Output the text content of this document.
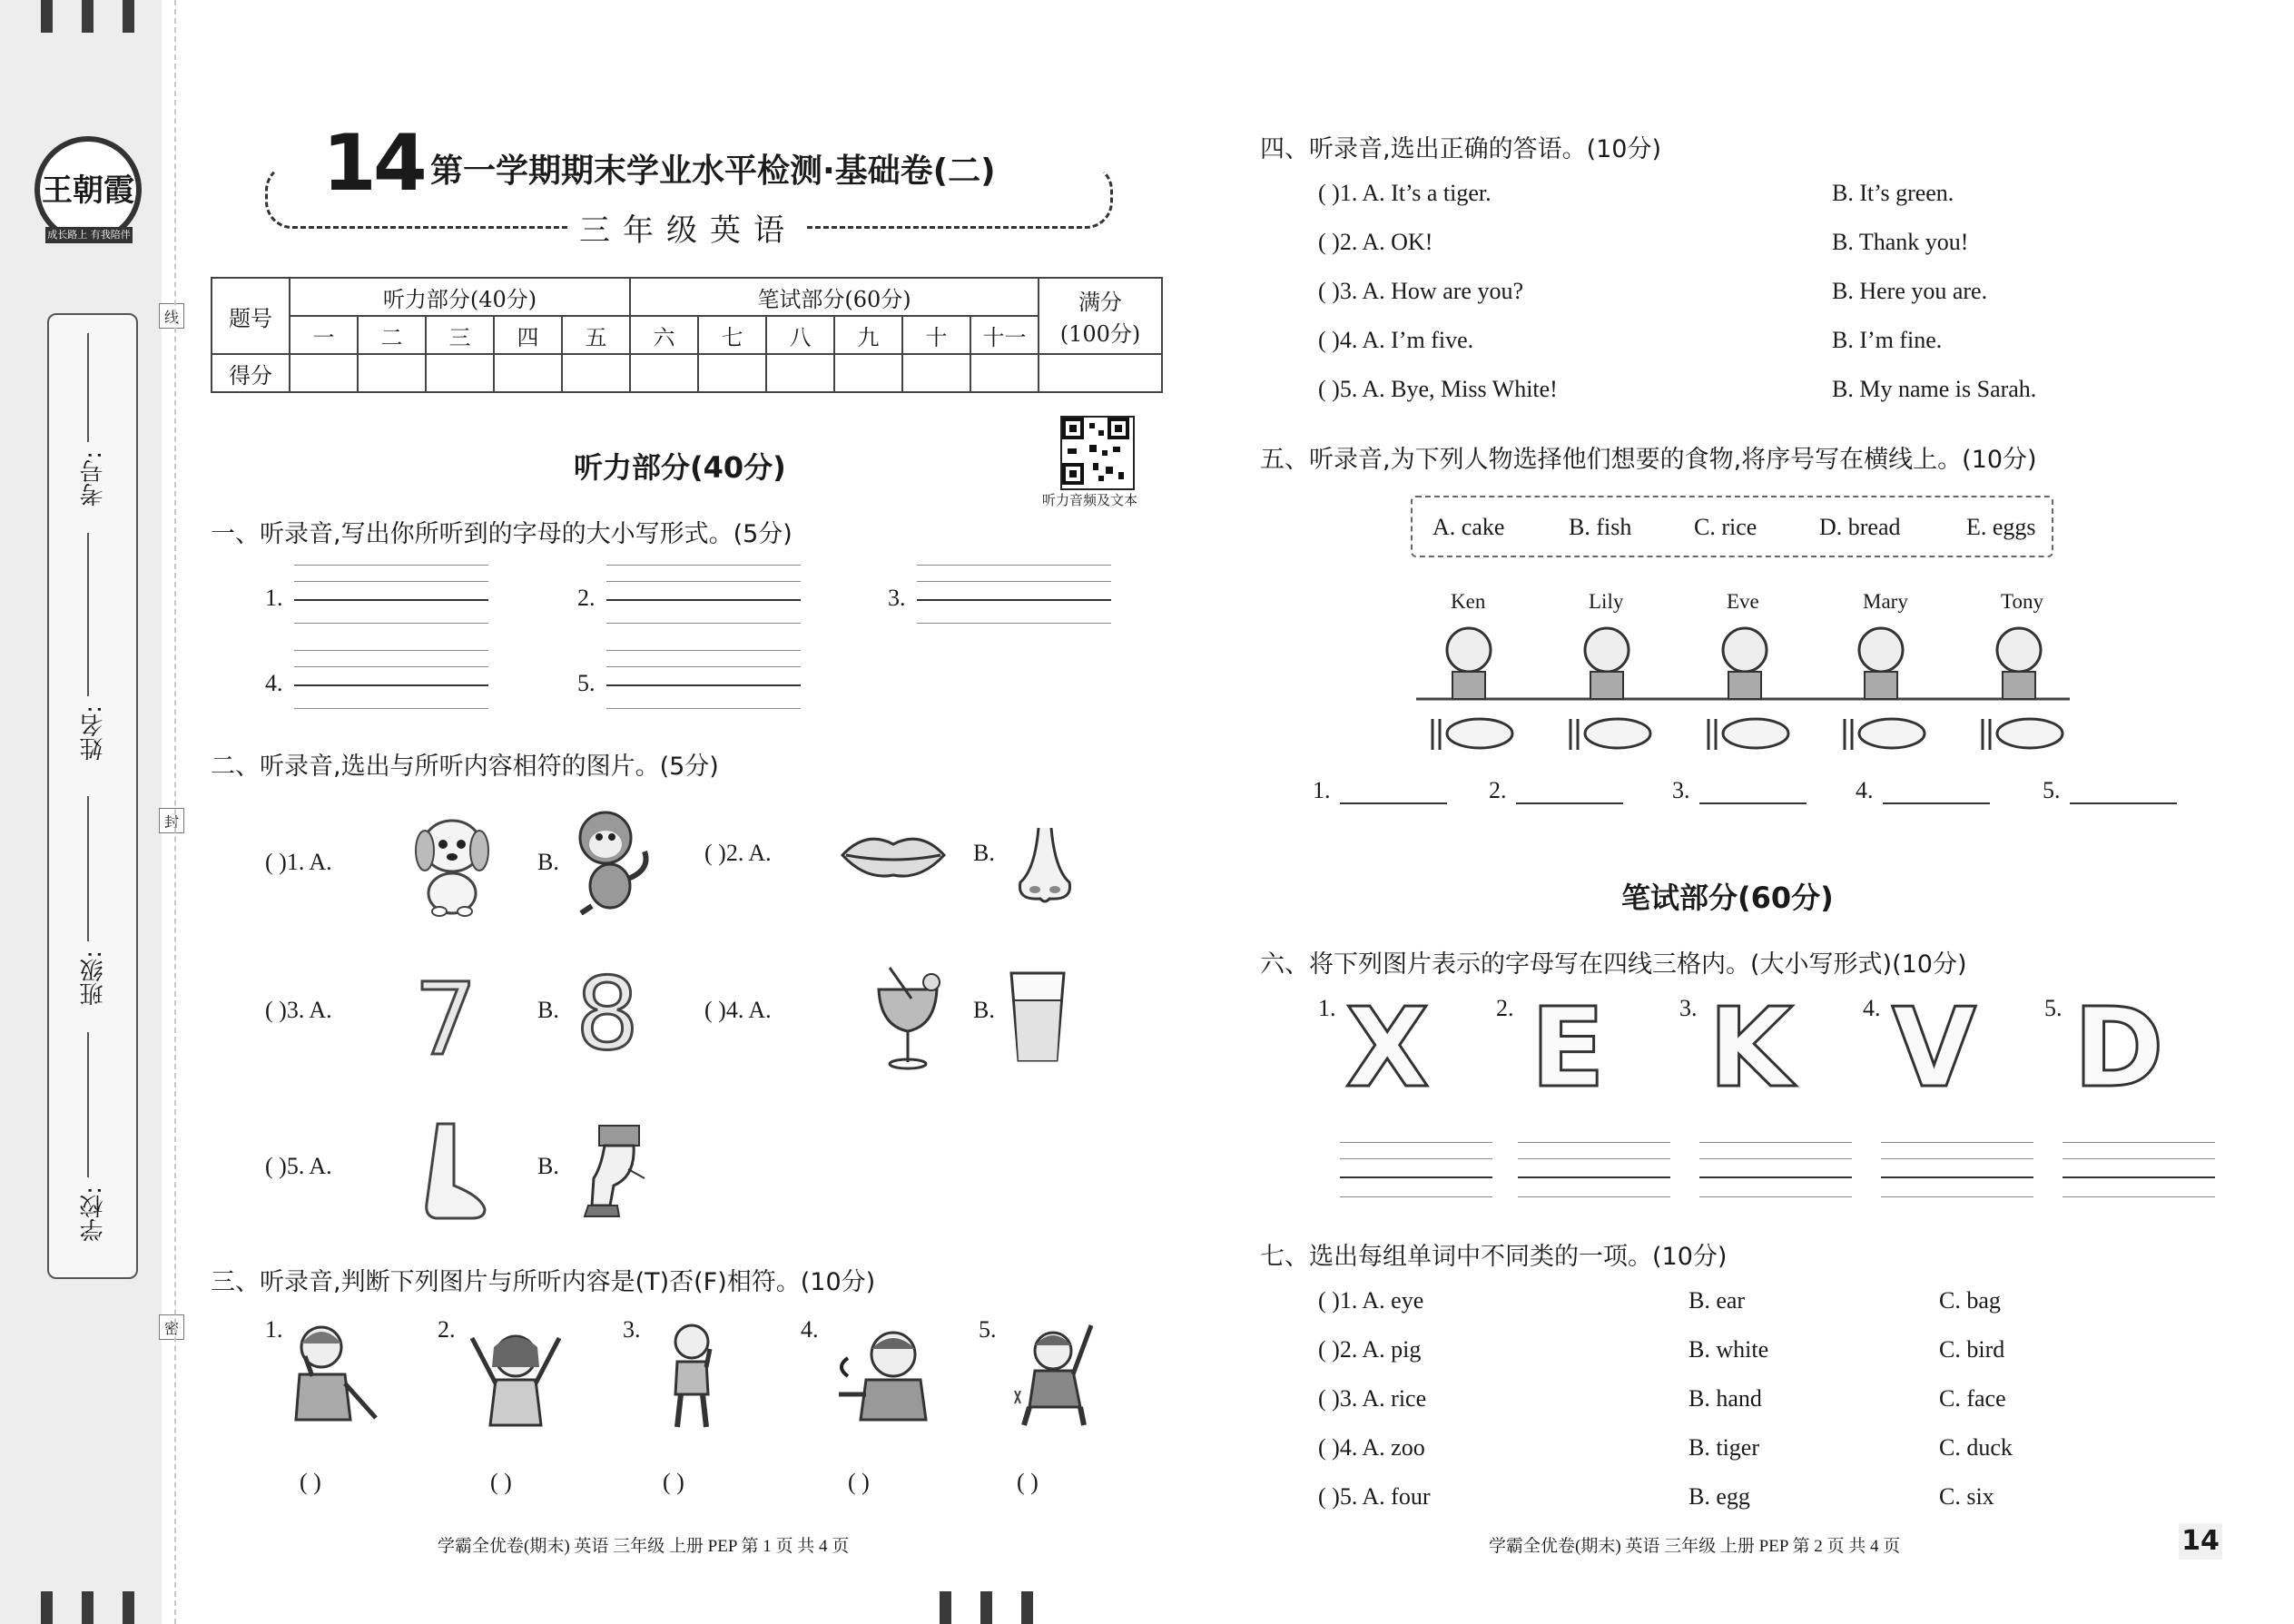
王朝霞
成长路上 有我陪伴
学校:
班级:
姓名:
考号:
线
封
密
14 第一学期期末学业水平检测·基础卷(二)
三年级英语
题号	听力部分(40分)					笔试部分(60分)						满分
(100分)
	一	二	三	四	五	六	七	八	九	十	十一	
得分												
听力部分(40分)
听力音频及文本
一、听录音,写出你所听到的字母的大小写形式。(5分)
1.	2.	3.
4.	5.
二、听录音,选出与所听内容相符的图片。(5分)
( )1. A.	B.	( )2. A.	B.
( )3. A. 7	B. 8	( )4. A.	B.
( )5. A.	B.
三、听录音,判断下列图片与所听内容是(T)否(F)相符。(10分)
1.	2.	3.	4.	5.
( )	( )	( )	( )	( )
学霸全优卷(期末) 英语 三年级 上册 PEP 第 1 页 共 4 页
四、听录音,选出正确的答语。(10分)
( )1. A. It’s a tiger.	B. It’s green.
( )2. A. OK!	B. Thank you!
( )3. A. How are you?	B. Here you are.
( )4. A. I’m five.	B. I’m fine.
( )5. A. Bye, Miss White!	B. My name is Sarah.
五、听录音,为下列人物选择他们想要的食物,将序号写在横线上。(10分)
A. cake	B. fish	C. rice	D. bread	E. eggs
Ken	Lily	Eve	Mary	Tony
1.	2.	3.	4.	5.
笔试部分(60分)
六、将下列图片表示的字母写在四线三格内。(大小写形式)(10分)
1.	2.	3.	4.	5.
X E K V D
七、选出每组单词中不同类的一项。(10分)
( )1. A. eye	B. ear	C. bag
( )2. A. pig	B. white	C. bird
( )3. A. rice	B. hand	C. face
( )4. A. zoo	B. tiger	C. duck
( )5. A. four	B. egg	C. six
学霸全优卷(期末) 英语 三年级 上册 PEP 第 2 页 共 4 页	14
